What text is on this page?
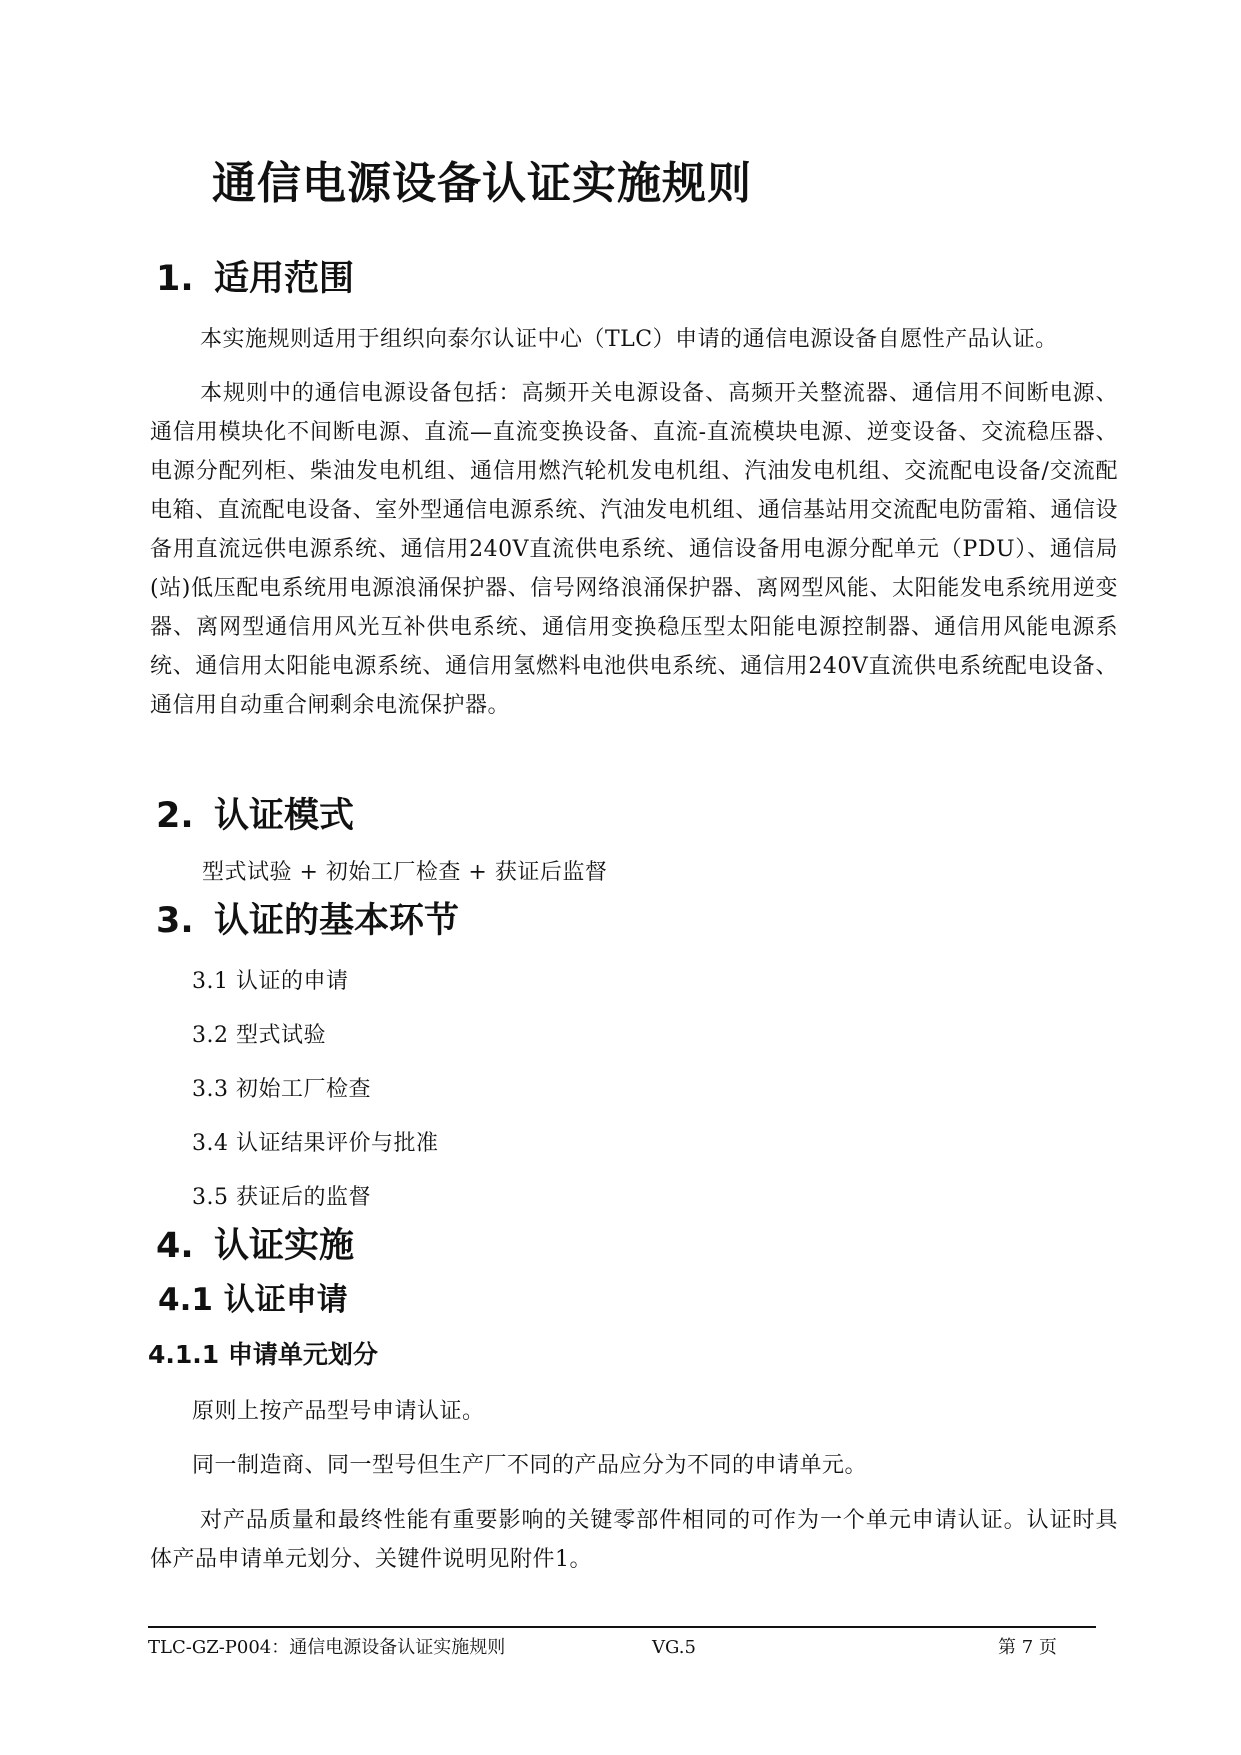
通信电源设备认证实施规则
1. 适用范围

本实施规则适用于组织向泰尔认证中心（TLC）申请的通信电源设备自愿性产品认证。

本规则中的通信电源设备包括：高频开关电源设备、高频开关整流器、通信用不间断电源、通信用模块化不间断电源、直流—直流变换设备、直流-直流模块电源、逆变设备、交流稳压器、电源分配列柜、柴油发电机组、通信用燃汽轮机发电机组、汽油发电机组、交流配电设备/交流配电箱、直流配电设备、室外型通信电源系统、汽油发电机组、通信基站用交流配电防雷箱、通信设备用直流远供电源系统、通信用240V直流供电系统、通信设备用电源分配单元（PDU）、通信局(站)低压配电系统用电源浪涌保护器、信号网络浪涌保护器、离网型风能、太阳能发电系统用逆变器、离网型通信用风光互补供电系统、通信用变换稳压型太阳能电源控制器、通信用风能电源系统、通信用太阳能电源系统、通信用氢燃料电池供电系统、通信用240V直流供电系统配电设备、通信用自动重合闸剩余电流保护器。

2. 认证模式

型式试验 + 初始工厂检查 + 获证后监督

3. 认证的基本环节

3.1 认证的申请

3.2 型式试验

3.3 初始工厂检查

3.4 认证结果评价与批准

3.5 获证后的监督

4. 认证实施
4.1 认证申请
4.1.1 申请单元划分

原则上按产品型号申请认证。

同一制造商、同一型号但生产厂不同的产品应分为不同的申请单元。

对产品质量和最终性能有重要影响的关键零部件相同的可作为一个单元申请认证。认证时具体产品申请单元划分、关键件说明见附件1。

TLC-GZ-P004：通信电源设备认证实施规则	VG.5	第 7 页
